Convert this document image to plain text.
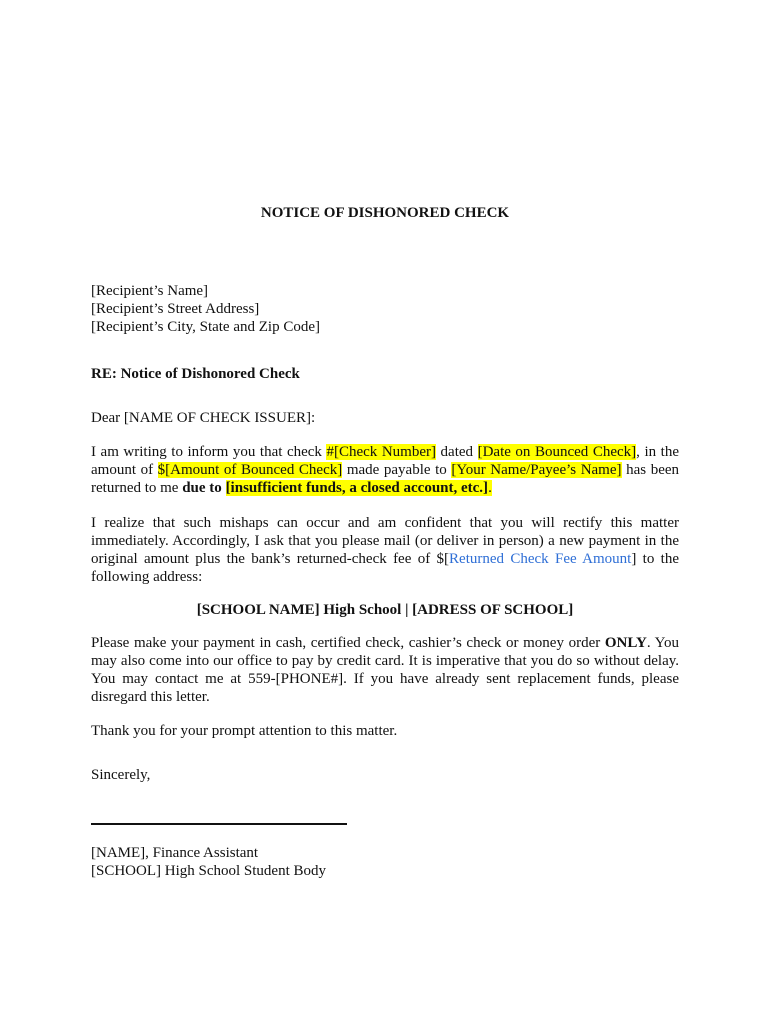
NOTICE OF DISHONORED CHECK
[Recipient’s Name]
[Recipient’s Street Address]
[Recipient’s City, State and Zip Code]
RE: Notice of Dishonored Check
Dear [NAME OF CHECK ISSUER]:
I am writing to inform you that check #[Check Number] dated [Date on Bounced Check], in the amount of $[Amount of Bounced Check] made payable to [Your Name/Payee’s Name] has been returned to me due to [insufficient funds, a closed account, etc.].
I realize that such mishaps can occur and am confident that you will rectify this matter immediately. Accordingly, I ask that you please mail (or deliver in person) a new payment in the original amount plus the bank’s returned-check fee of $[Returned Check Fee Amount] to the following address:
[SCHOOL NAME] High School | [ADRESS OF SCHOOL]
Please make your payment in cash, certified check, cashier’s check or money order ONLY. You may also come into our office to pay by credit card. It is imperative that you do so without delay. You may contact me at 559-[PHONE#]. If you have already sent replacement funds, please disregard this letter.
Thank you for your prompt attention to this matter.
Sincerely,
.
[NAME], Finance Assistant
[SCHOOL] High School Student Body
